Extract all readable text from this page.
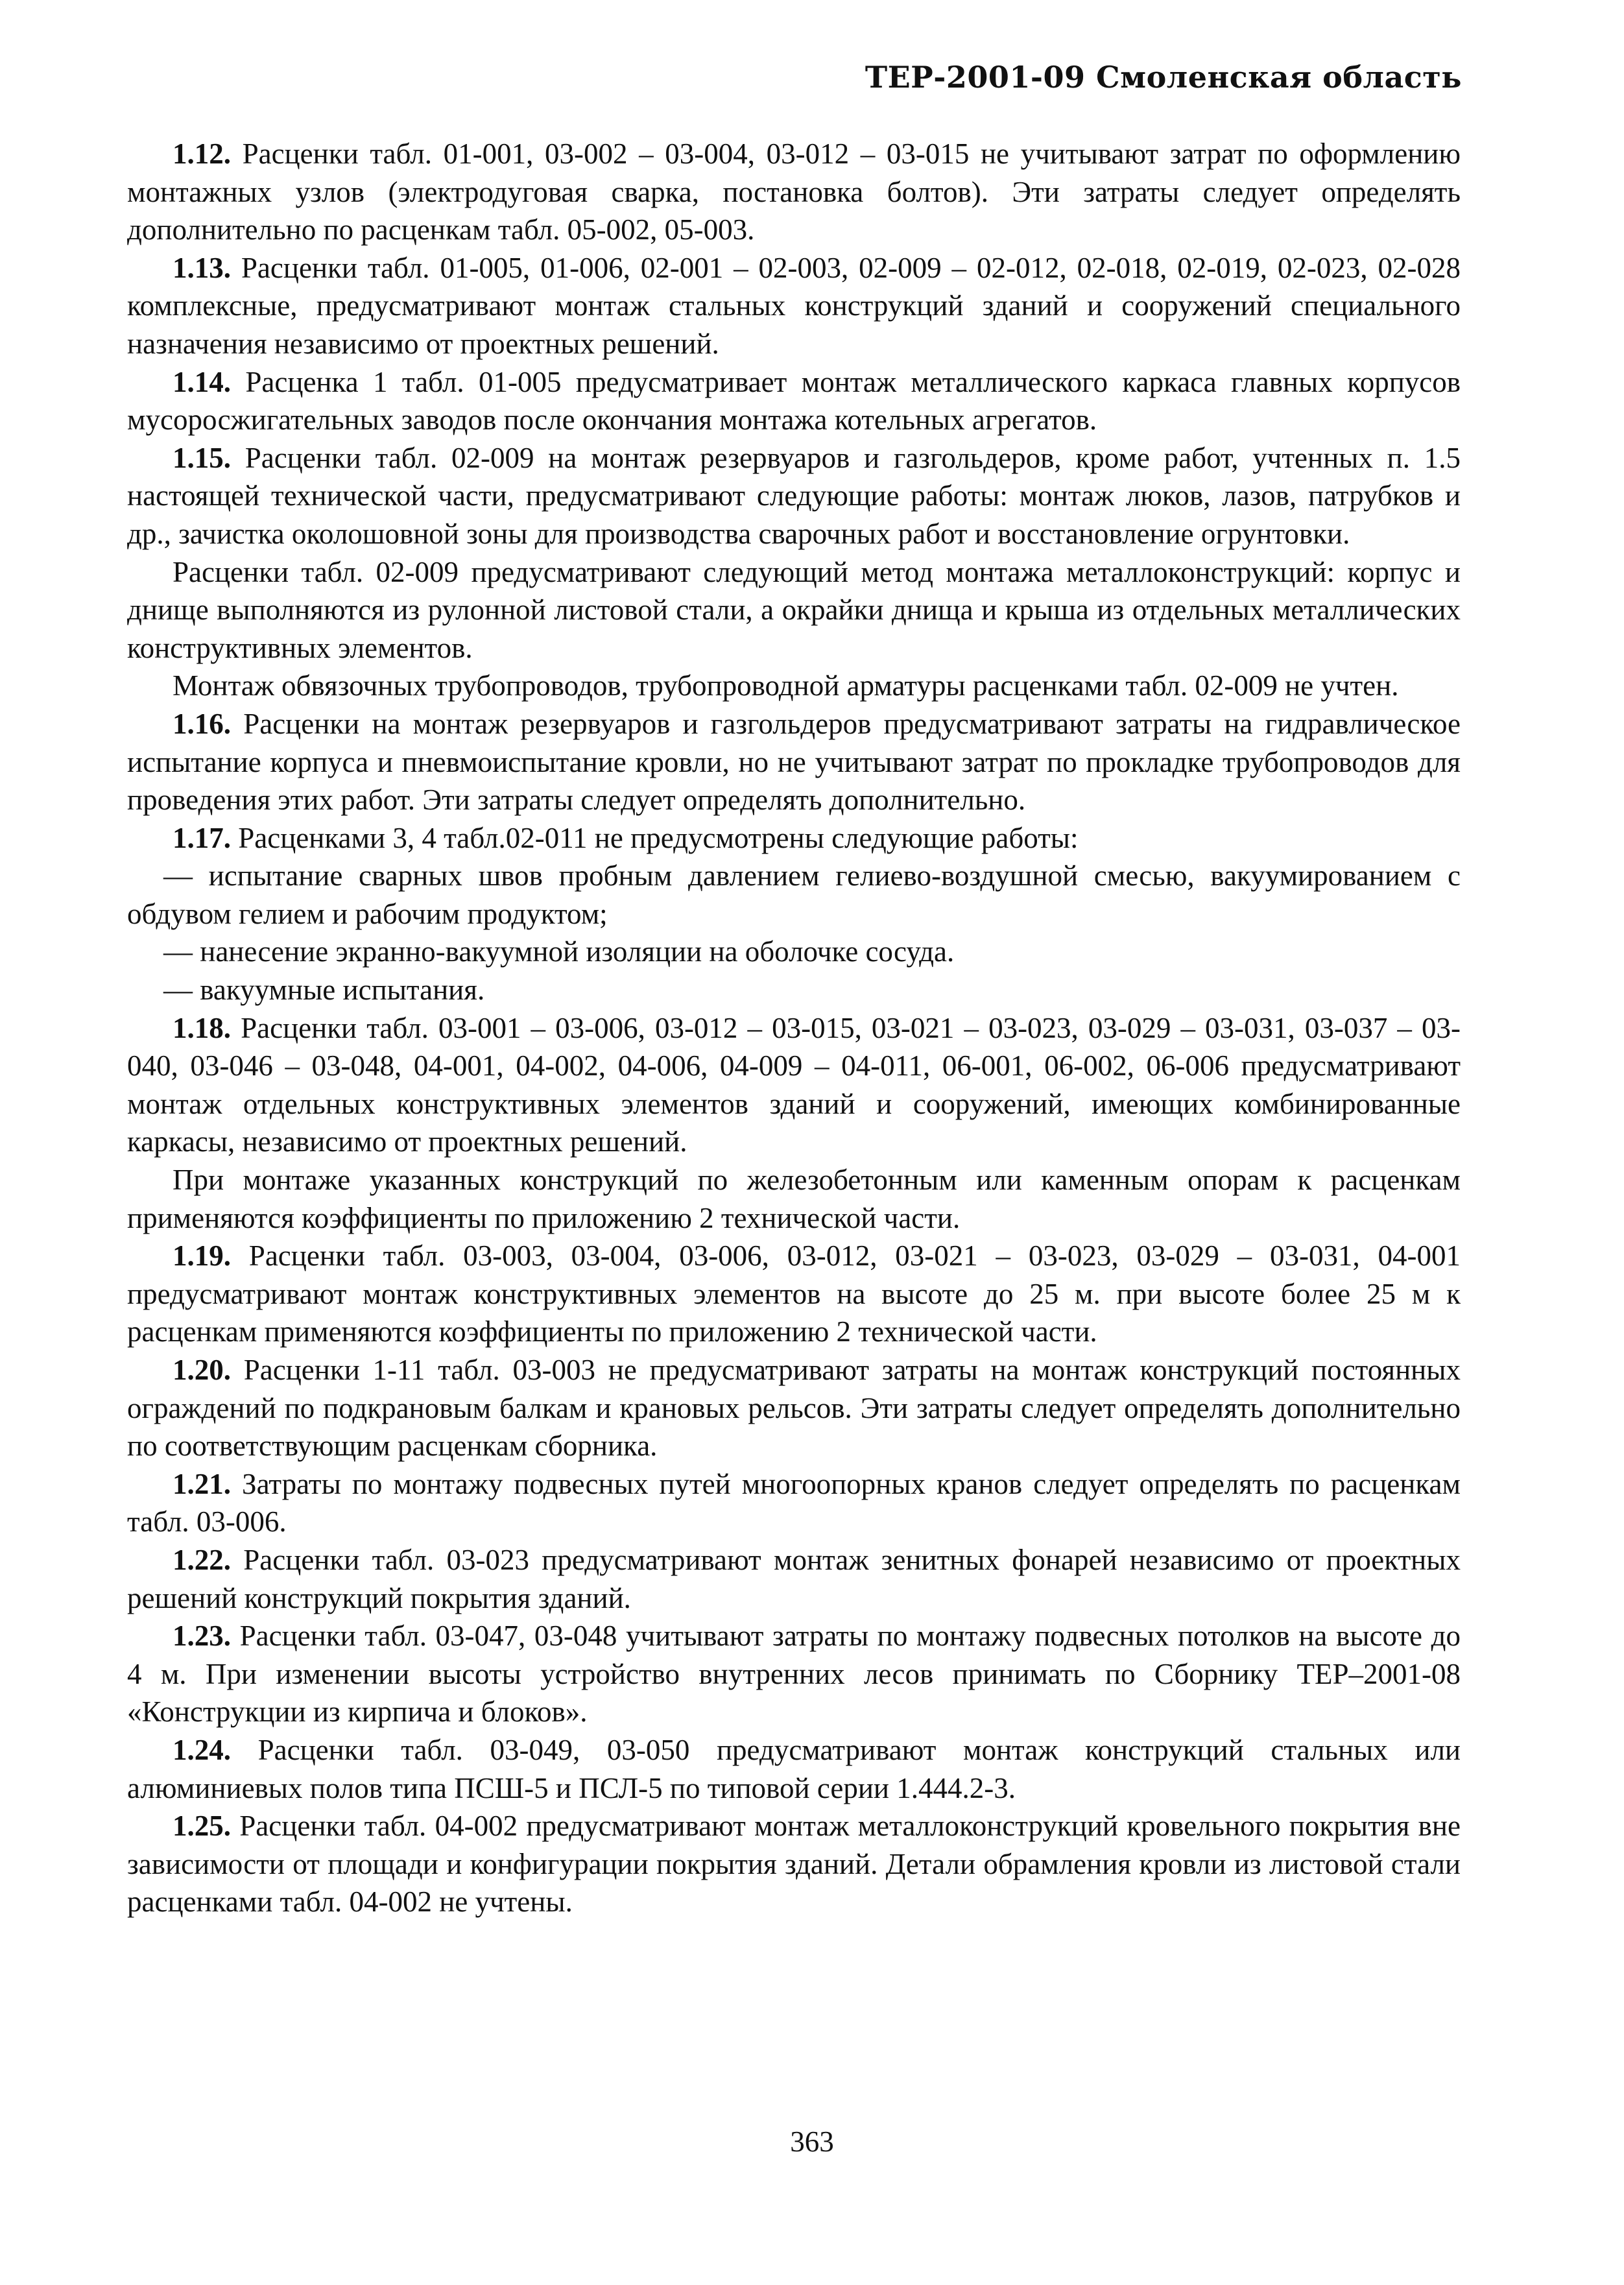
ТЕР-2001-09 Смоленская область

1.12. Расценки табл. 01-001, 03-002 – 03-004, 03-012 – 03-015 не учитывают затрат по оформлению монтажных узлов (электродуговая сварка, постановка болтов). Эти затраты следует определять дополнительно по расценкам табл. 05-002, 05-003.

1.13. Расценки табл. 01-005, 01-006, 02-001 – 02-003, 02-009 – 02-012, 02-018, 02-019, 02-023, 02-028 комплексные, предусматривают монтаж стальных конструкций зданий и сооружений специального назначения независимо от проектных решений.

1.14. Расценка 1 табл. 01-005 предусматривает монтаж металлического каркаса главных корпусов мусоросжигательных заводов после окончания монтажа котельных агрегатов.

1.15. Расценки табл. 02-009 на монтаж резервуаров и газгольдеров, кроме работ, учтенных п. 1.5 настоящей технической части, предусматривают следующие работы: монтаж люков, лазов, патрубков и др., зачистка околошовной зоны для производства сварочных работ и восстановление огрунтовки.

Расценки табл. 02-009 предусматривают следующий метод монтажа металлоконструкций: корпус и днище выполняются из рулонной листовой стали, а окрайки днища и крыша из отдельных металлических конструктивных элементов.

Монтаж обвязочных трубопроводов, трубопроводной арматуры расценками табл. 02-009 не учтен.

1.16. Расценки на монтаж резервуаров и газгольдеров предусматривают затраты на гидравлическое испытание корпуса и пневмоиспытание кровли, но не учитывают затрат по прокладке трубопроводов для проведения этих работ. Эти затраты следует определять дополнительно.

1.17. Расценками 3, 4 табл.02-011 не предусмотрены следующие работы:

— испытание сварных швов пробным давлением гелиево-воздушной смесью, вакуумированием с обдувом гелием и рабочим продуктом;

— нанесение экранно-вакуумной изоляции на оболочке сосуда.

— вакуумные испытания.

1.18. Расценки табл. 03-001 – 03-006, 03-012 – 03-015, 03-021 – 03-023, 03-029 – 03-031, 03-037 – 03-040, 03-046 – 03-048, 04-001, 04-002, 04-006, 04-009 – 04-011, 06-001, 06-002, 06-006 предусматривают монтаж отдельных конструктивных элементов зданий и сооружений, имеющих комбинированные каркасы, независимо от проектных решений.

При монтаже указанных конструкций по железобетонным или каменным опорам к расценкам применяются коэффициенты по приложению 2 технической части.

1.19. Расценки табл. 03-003, 03-004, 03-006, 03-012, 03-021 – 03-023, 03-029 – 03-031, 04-001 предусматривают монтаж конструктивных элементов на высоте до 25 м. при высоте более 25 м к расценкам применяются коэффициенты по приложению 2 технической части.

1.20. Расценки 1-11 табл. 03-003 не предусматривают затраты на монтаж конструкций постоянных ограждений по подкрановым балкам и крановых рельсов. Эти затраты следует определять дополнительно по соответствующим расценкам сборника.

1.21. Затраты по монтажу подвесных путей многоопорных кранов следует определять по расценкам табл. 03-006.

1.22. Расценки табл. 03-023 предусматривают монтаж зенитных фонарей независимо от проектных решений конструкций покрытия зданий.

1.23. Расценки табл. 03-047, 03-048 учитывают затраты по монтажу подвесных потолков на высоте до 4 м. При изменении высоты устройство внутренних лесов принимать по Сборнику ТЕР–2001-08 «Конструкции из кирпича и блоков».

1.24. Расценки табл. 03-049, 03-050 предусматривают монтаж конструкций стальных или алюминиевых полов типа ПСШ-5 и ПСЛ-5 по типовой серии 1.444.2-3.

1.25. Расценки табл. 04-002 предусматривают монтаж металлоконструкций кровельного покрытия вне зависимости от площади и конфигурации покрытия зданий. Детали обрамления кровли из листовой стали расценками табл. 04-002 не учтены.

363
